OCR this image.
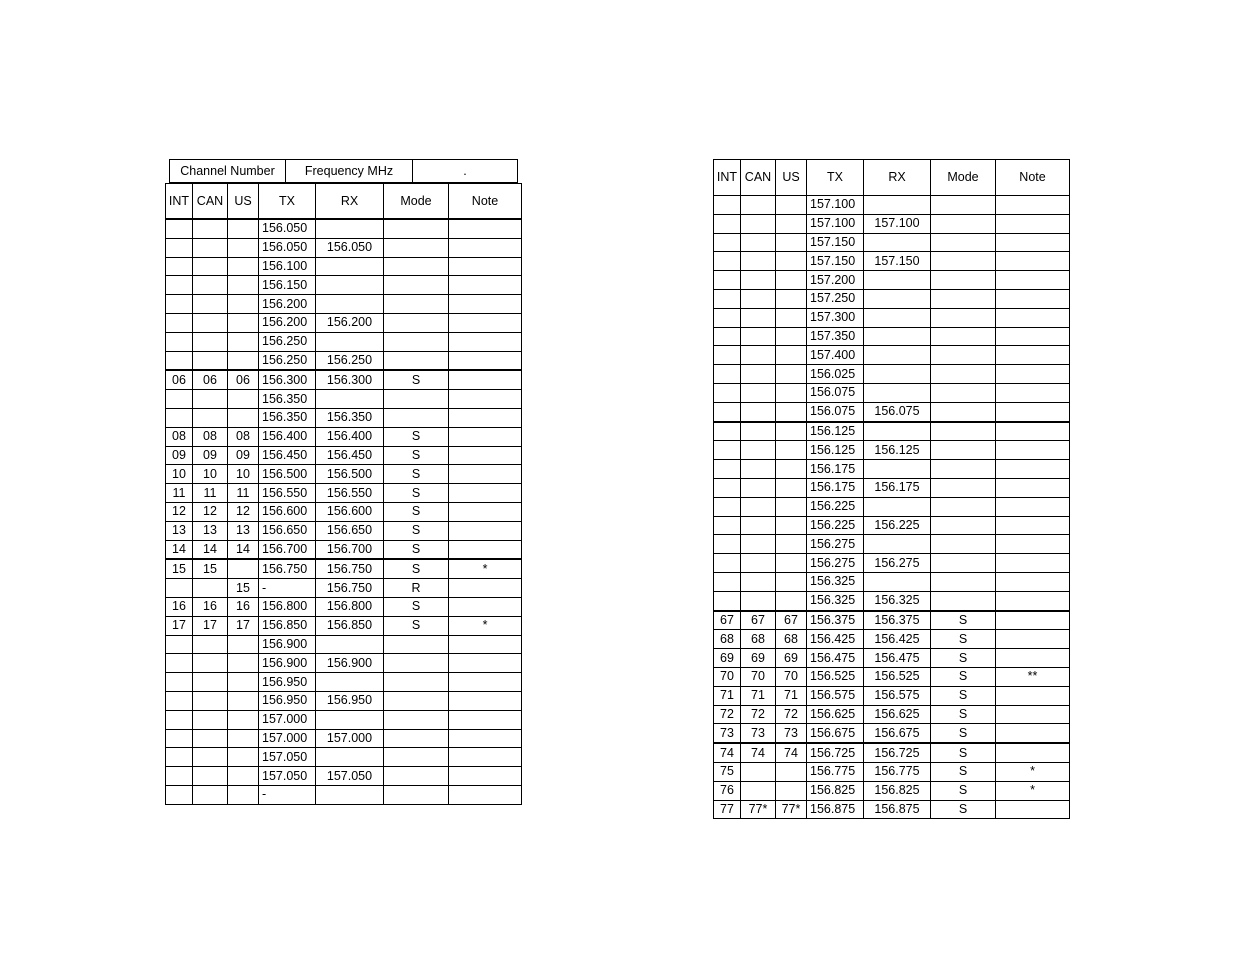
Channel Number	Frequency MHz	.
INT	CAN	US	TX	RX	Mode	Note
			156.050			
			156.050	156.050		
			156.100			
			156.150			
			156.200			
			156.200	156.200		
			156.250			
			156.250	156.250		
06	06	06	156.300	156.300	S	
			156.350			
			156.350	156.350		
08	08	08	156.400	156.400	S	
09	09	09	156.450	156.450	S	
10	10	10	156.500	156.500	S	
11	11	11	156.550	156.550	S	
12	12	12	156.600	156.600	S	
13	13	13	156.650	156.650	S	
14	14	14	156.700	156.700	S	
15	15		156.750	156.750	S	*
		15	-	156.750	R	
16	16	16	156.800	156.800	S	
17	17	17	156.850	156.850	S	*
			156.900			
			156.900	156.900		
			156.950			
			156.950	156.950		
			157.000			
			157.000	157.000		
			157.050			
			157.050	157.050		
			-			
INT	CAN	US	TX	RX	Mode	Note
			157.100			
			157.100	157.100		
			157.150			
			157.150	157.150		
			157.200			
			157.250			
			157.300			
			157.350			
			157.400			
			156.025			
			156.075			
			156.075	156.075		
			156.125			
			156.125	156.125		
			156.175			
			156.175	156.175		
			156.225			
			156.225	156.225		
			156.275			
			156.275	156.275		
			156.325			
			156.325	156.325		
67	67	67	156.375	156.375	S	
68	68	68	156.425	156.425	S	
69	69	69	156.475	156.475	S	
70	70	70	156.525	156.525	S	**
71	71	71	156.575	156.575	S	
72	72	72	156.625	156.625	S	
73	73	73	156.675	156.675	S	
74	74	74	156.725	156.725	S	
75			156.775	156.775	S	*
76			156.825	156.825	S	*
77	77*	77*	156.875	156.875	S	
